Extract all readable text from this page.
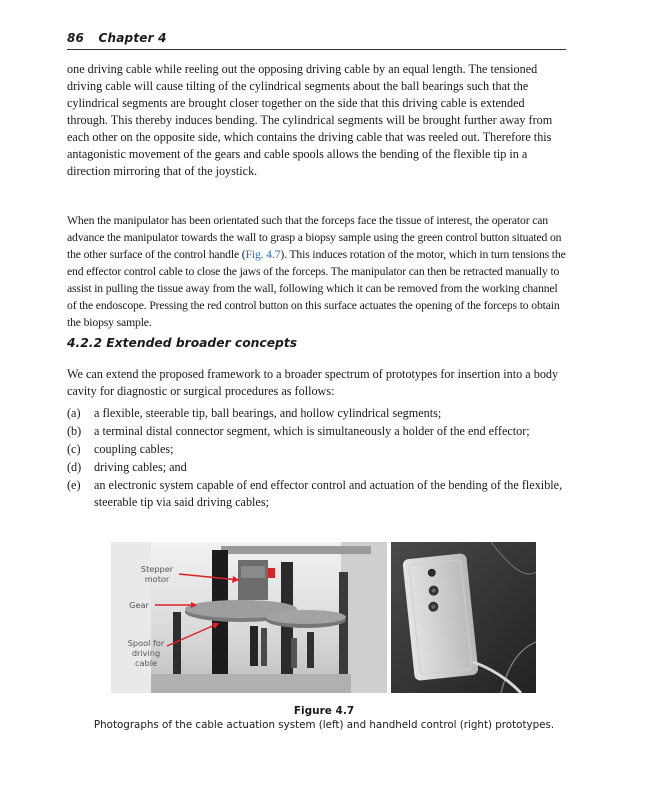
86 Chapter 4

one driving cable while reeling out the opposing driving cable by an equal length. The tensioned driving cable will cause tilting of the cylindrical segments about the ball bearings such that the cylindrical segments are brought closer together on the side that this driving cable is extended through. This thereby induces bending. The cylindrical segments will be brought further away from each other on the opposite side, which contains the driving cable that was reeled out. Therefore this antagonistic movement of the gears and cable spools allows the bending of the flexible tip in a direction mirroring that of the joystick.

When the manipulator has been orientated such that the forceps face the tissue of interest, the operator can advance the manipulator towards the wall to grasp a biopsy sample using the green control button situated on the other surface of the control handle (Fig. 4.7). This induces rotation of the motor, which in turn tensions the end effector control cable to close the jaws of the forceps. The manipulator can then be retracted manually to assist in pulling the tissue away from the wall, following which it can be removed from the working channel of the endoscope. Pressing the red control button on this surface actuates the opening of the forceps to obtain the biopsy sample.

4.2.2 Extended broader concepts

We can extend the proposed framework to a broader spectrum of prototypes for insertion into a body cavity for diagnostic or surgical procedures as follows:

(a)	a flexible, steerable tip, ball bearings, and hollow cylindrical segments;
(b)	a terminal distal connector segment, which is simultaneously a holder of the end effector;
(c)	coupling cables;
(d)	driving cables; and
(e)	an electronic system capable of end effector control and actuation of the bending of the flexible, steerable tip via said driving cables;
Stepper motor
Gear
Spool for driving cable
Figure 4.7
Photographs of the cable actuation system (left) and handheld control (right) prototypes.
